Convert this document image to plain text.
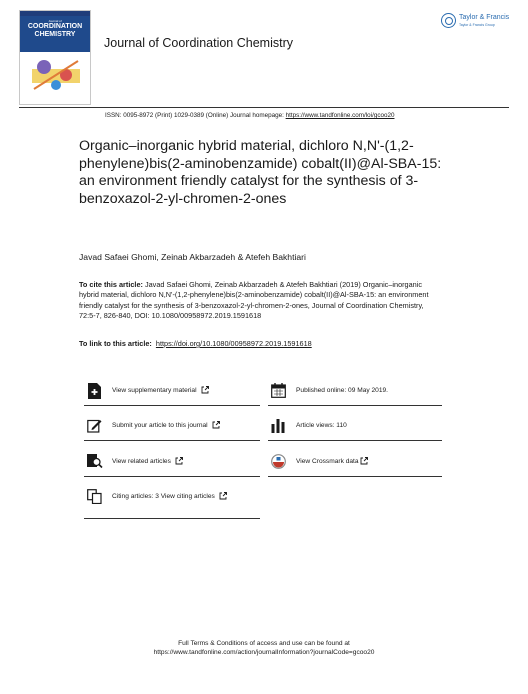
Journal of
COORDINATION
CHEMISTRY
Journal of Coordination Chemistry
Taylor & Francis
Taylor & Francis Group
ISSN: 0095-8972 (Print) 1029-0389 (Online) Journal homepage: https://www.tandfonline.com/loi/gcoo20
Organic–inorganic hybrid material, dichloro N,N'-(1,2-phenylene)bis(2-aminobenzamide) cobalt(II)@Al-SBA-15: an environment friendly catalyst for the synthesis of 3-benzoxazol-2-yl-chromen-2-ones
Javad Safaei Ghomi, Zeinab Akbarzadeh & Atefeh Bakhtiari
To cite this article: Javad Safaei Ghomi, Zeinab Akbarzadeh & Atefeh Bakhtiari (2019) Organic–inorganic hybrid material, dichloro N,N'-(1,2-phenylene)bis(2-aminobenzamide) cobalt(II)@Al-SBA-15: an environment friendly catalyst for the synthesis of 3-benzoxazol-2-yl-chromen-2-ones, Journal of Coordination Chemistry, 72:5-7, 826-840, DOI: 10.1080/00958972.2019.1591618
To link to this article: https://doi.org/10.1080/00958972.2019.1591618
View supplementary material
Submit your article to this journal
View related articles
Citing articles: 3 View citing articles
Published online: 09 May 2019.
Article views: 110
View Crossmark data
Full Terms & Conditions of access and use can be found at
https://www.tandfonline.com/action/journalInformation?journalCode=gcoo20
